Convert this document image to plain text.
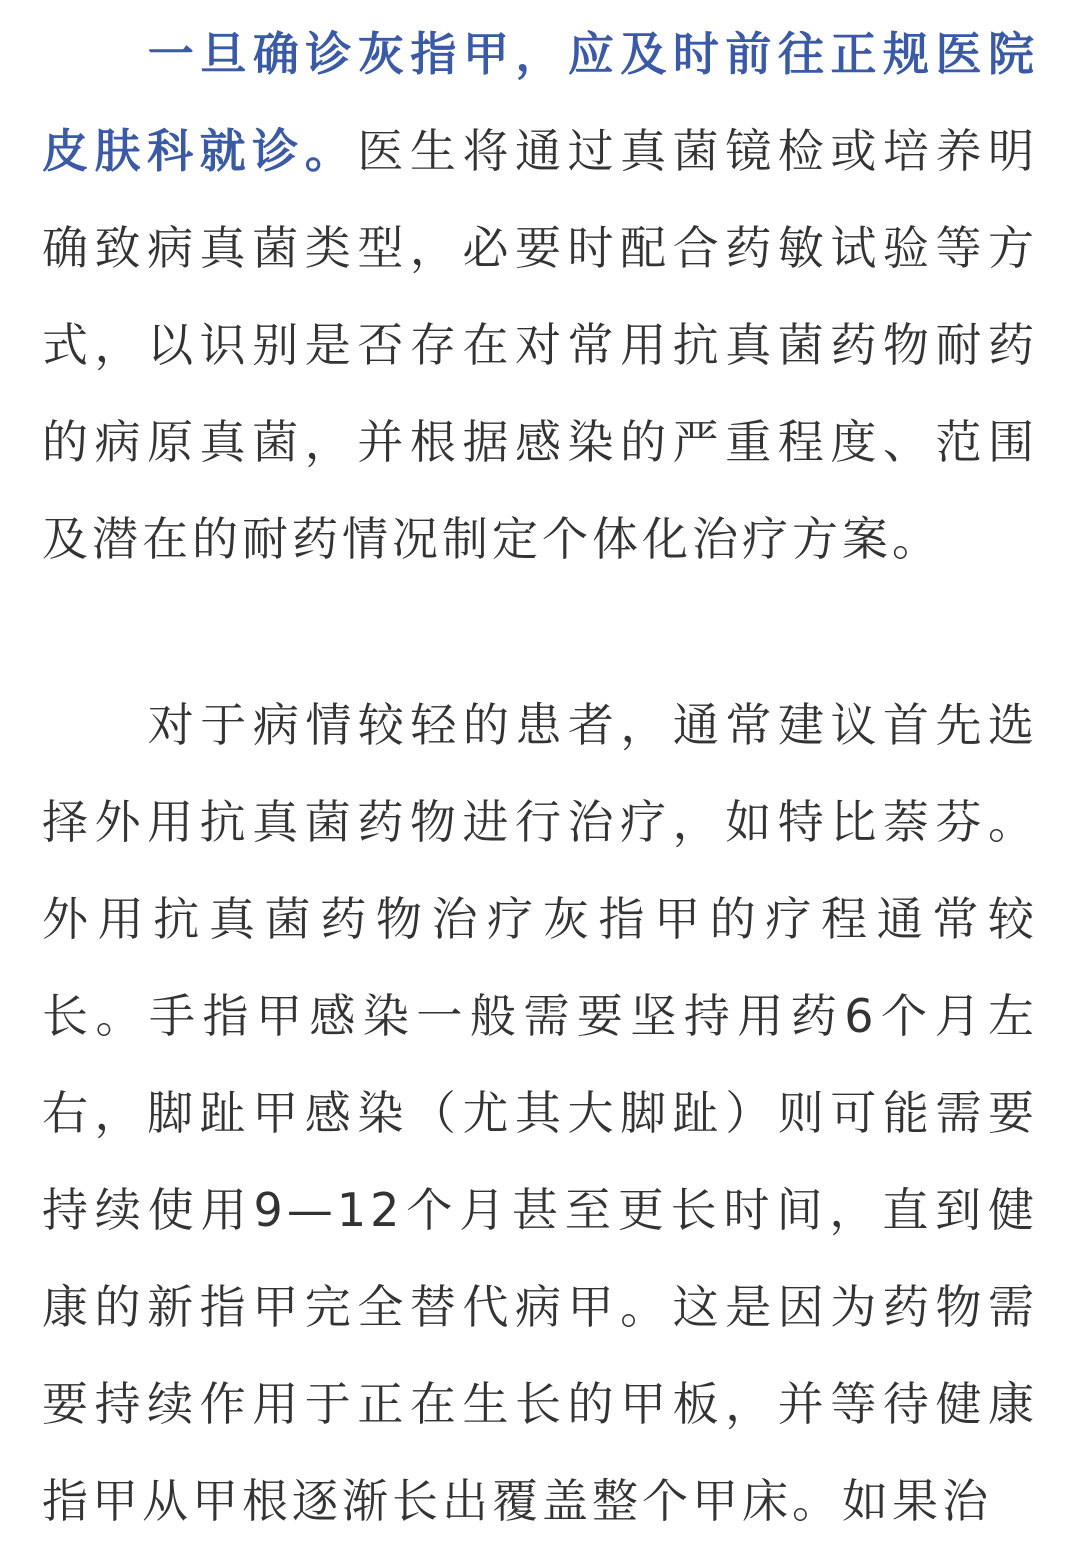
一旦确诊灰指甲，应及时前往正规医院皮肤科就诊。医生将通过真菌镜检或培养明确致病真菌类型，必要时配合药敏试验等方式，以识别是否存在对常用抗真菌药物耐药的病原真菌，并根据感染的严重程度、范围及潜在的耐药情况制定个体化治疗方案。

对于病情较轻的患者，通常建议首先选择外用抗真菌药物进行治疗，如特比萘芬。外用抗真菌药物治疗灰指甲的疗程通常较长。手指甲感染一般需要坚持用药6个月左右，脚趾甲感染（尤其大脚趾）则可能需要持续使用9—12个月甚至更长时间，直到健康的新指甲完全替代病甲。这是因为药物需要持续作用于正在生长的甲板，并等待健康指甲从甲根逐渐长出覆盖整个甲床。如果治
